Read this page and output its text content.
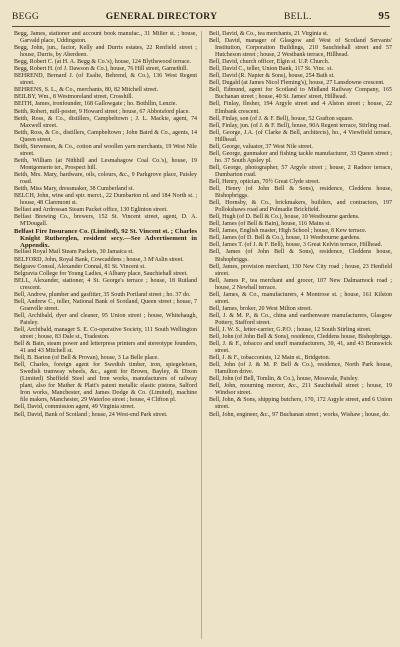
BEGG	GENERAL DIRECTORY	BELL.	95

Begg, James, stationer and account book manufac., 31 Miller st. ; house, Garvald place, Uddingston.

Begg, John, jun., factor, Kelly and Durris estates, 22 Renfield street ; house, Durris, by Aberdeen.

Begg, Robert C. (at H. A. Begg & Co.'s), house, 124 Blythswood terrace.

Begg, Robert H. (of J. Dawson & Co.), house, 76 Hill street, Garnethill.

BEHREND, Bernard J. (of Esalte, Behrend, & Co.), 136 West Regent street.

BEHRENS, S. L., & Co., merchants, 80, 82 Mitchell street.

BEILBY, Wm., 8 Westmoreland street, Crosshill.

BEITH, James, ironfounder, 168 Gallowgate ; ho. Bothllin, Lenzie.

Beith, Robert, mill-poster, 9 Howard street ; house, 67 Abbotsford place.

Beith, Ross, & Co., distillers, Campbeltown ; J. L. Mackie, agent, 74 Maxwell street.

Beith, Ross, & Co., distillers, Campbeltown ; John Baird & Co., agents, 14 Queen street.

Beith, Stevenson, & Co., cotton and woollen yarn merchants, 19 West Nile street.

Beith, William (at Nithhill and Lesmahagow Coal Co.'s), house, 19 Montgomerie ter., Prospect hill.

Beith, Mrs. Mary, hardware, oils, colours, &c., 9 Parkgrove place, Paisley road.

Beith, Miss Mary, dressmaker, 38 Cumberland st.

BELCH, John, wine and spir. merct., 22 Dumbarton rd. and 184 North st. ; house, 48 Claremont st.

Belfast and Ardrossan Steam Packet office, 130 Eglinton street.

Belfast Brewing Co., brewers, 152 St. Vincent street, agent, D. A. M'Dougall.

Belfast Fire Insurance Co. (Limited), 92 St. Vincent st. ; Charles Knight Rutherglen, resident secy.—See Advertisement in Appendix.

Belfast Royal Mail Steam Packets, 30 Jamaica st.

BELFORD, John, Royal Bank, Cowcaddens ; house, 3 M'Aslin street.

Belgrave Consul, Alexander Connal, 81 St. Vincent st.

Belgravia College for Young Ladies, 4 Albany place, Sauchiehall street.

BELL, Alexander, stationer, 4 St. George's terrace ; house, 18 Rutland crescent.

Bell, Andrew, plumber and gasfitter, 35 South Portland street ; ho. 37 do.

Bell, Andrew C., teller, National Bank of Scotland, Queen street ; house, 7 Granville street.

Bell, Archibald, dyer and cleaner, 95 Union street ; house, Whitehaugh, Paisley.

Bell, Archibald, manager S. E. Co-operative Society, 111 South Wellington street ; house, 83 Dale st., Tradeston.

Bell & Bain, steam power and letterpress printers and stereotype founders, 41 and 43 Mitchell st.

Bell, B. Barton (of Bell & Provan), house, 3 La Belle place.

Bell, Charles, foreign agent for Swedish timber, iron, spiegeleisen, Swedish tramway wheels, &c., agent for Brown, Bayley, & Dixon (Limited) Sheffield Steel and Iron works, manufacturers of railway plant, also for Mather & Platt's patent metallic elastic pistons, Salford Iron works, Manchester, and James Dodge & Co. (Limited), machine file makers, Manchester, 29 Waterloo street ; house, 4 Clifton pl.

Bell, David, commission agent, 49 Virginia street.

Bell, David, Bank of Scotland ; house, 24 West-end Park street.

Bell, David, & Co., tea merchants, 21 Virginia st.

Bell, David, manager of Glasgow and West of Scotland Servants' Institution, Corporation Buildings, 210 Sauchiehall street and 57 Hutcheson street ; house, 2 Westbank terrace, Hillhead.

Bell, David, church officer, Elgin st. U.P. Church.

Bell, David C., teller, Union Bank, 117 St. Vinc. st.

Bell, David (R. Napier & Sons), house, 254 Bath st.

Bell, Dugald (at James Nicol Fleming's), house, 27 Lansdowne crescent.

Bell, Edmund, agent for Scotland to Midland Railway Company, 165 Buchanan street ; house, 40 St. James' street, Hillhead.

Bell, Finlay, flesher, 194 Argyle street and 4 Alston street ; house, 22 Elmbank crescent.

Bell, Finlay, son (of J. & F. Bell), house, 52 Grafton square.

Bell, Finlay, jun. (of J. & F. Bell), house, 90A Regent terrace, Stirling road.

Bell, George, J.A. (of Clarke & Bell, architects), ho., 4 Viewfield terrace, Hillhead.

Bell, George, valuator, 37 West Nile street.

Bell, George, gunmaker and fishing tackle manufacturer, 33 Queen street ; ho. 37 South Apsley pl.

Bell, George, photographer, 57 Argyle street ; house, 2 Radnor terrace, Dumbarton road.

Bell, Henry, optician, 70½ Great Clyde street.

Bell, Henry (of John Bell & Sons), residence, Cleddens house, Bishopbriggs.

Bell, Hornsby, & Co., brickmakers, builders, and contractors, 197 Pollokshaws road and Polmadie Brickfield.

Bell, Hugh (of D. Bell & Co.), house, 10 Westbourne gardens.

Bell, James (of Bell & Bain), house, 116 Mains st.

Bell, James, English master, High School ; house, 8 Kew terrace.

Bell, James (of D. Bell & Co.), house, 11 Westbourne gardens.

Bell, James T. (of J. & F. Bell), house, 3 Great Kelvin terrace, Hillhead.

Bell, James (of John Bell & Sons), residence, Cleddens house, Bishopbriggs.

Bell, James, provision merchant, 130 New City road ; house, 23 Henfield street.

Bell, James P., tea merchant and grocer, 107 New Dalmarnock road ; house, 2 Newhall terrace.

Bell, James, & Co., manufacturers, 4 Montrose st. ; house, 161 Kilston street.

Bell, James, broker, 20 West Milton street.

Bell, J. & M. P., & Co., china and earthenware manufacturers, Glasgow Pottery, Stafford street.

Bell, J. W. S., letter-carrier, G.P.O. ; house, 12 South Stirling street.

Bell, John (of John Bell & Sons), residence, Cleddens house, Bishopbriggs.

Bell, J. & F., tobacco and snuff manufacturers, 39, 41, and 43 Brunswick street.

Bell, J. & F., tobacconists, 12 Main st., Bridgeton.

Bell, John (of J. & M. P. Bell & Co.), residence, North Park house, Hamilton drive.

Bell, John (of Bell, Tomlin, & Co.), house, Mossvale, Paisley.

Bell, John, mourning mercer, &c., 211 Sauchiehall street ; house, 19 Windsor street.

Bell, John, & Sons, shipping butchers, 170, 172 Argyle street, and 6 Union street.

Bell, John, engineer, &c., 97 Buchanan street ; works, Wishaw ; house, do.
